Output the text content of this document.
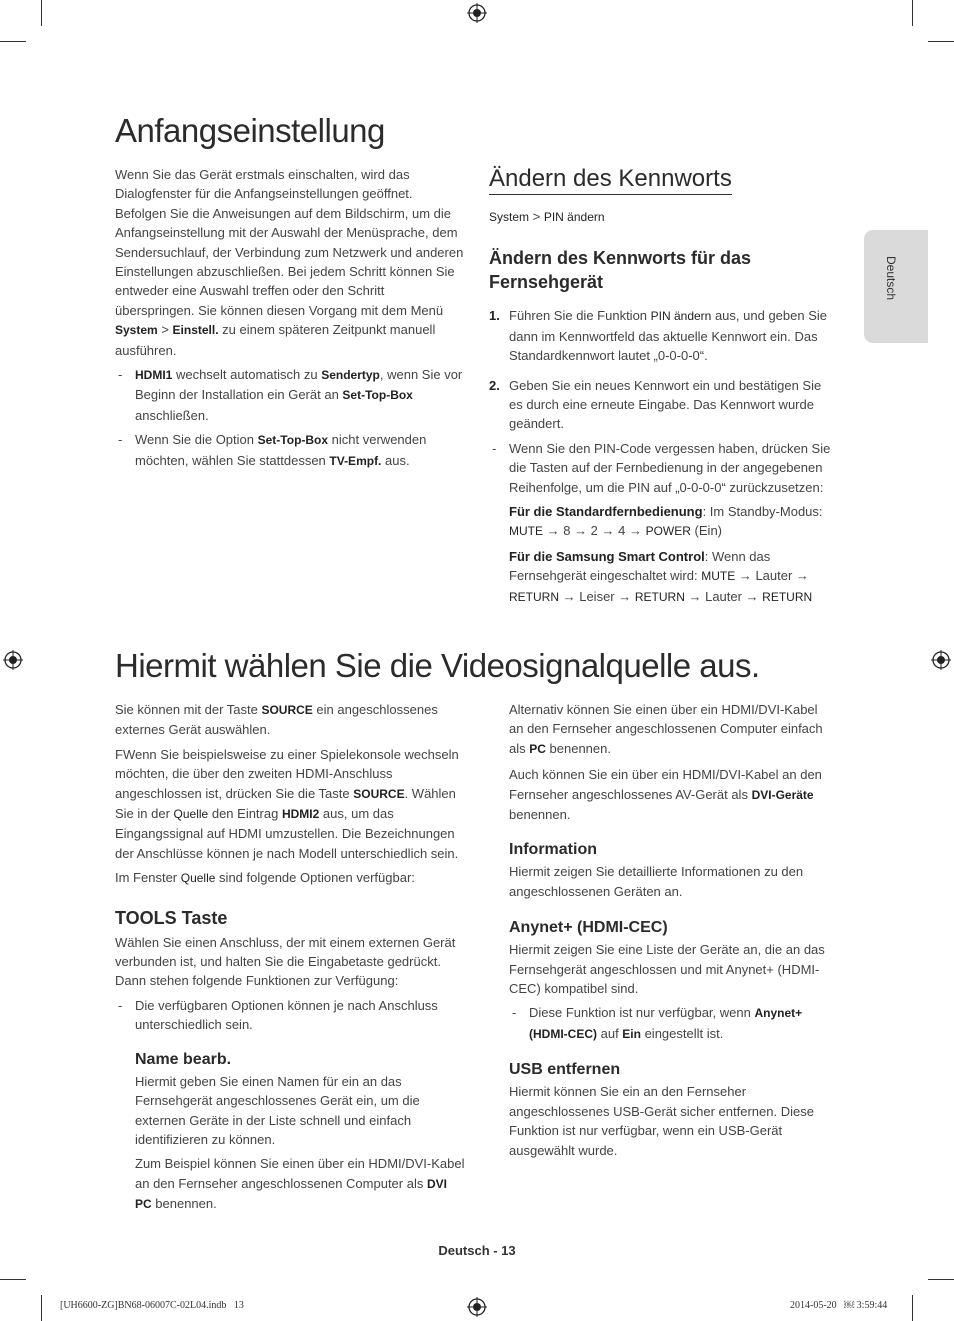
Deutsch
Anfangseinstellung

Wenn Sie das Gerät erstmals einschalten, wird das Dialogfenster für die Anfangseinstellungen geöffnet. Befolgen Sie die Anweisungen auf dem Bildschirm, um die Anfangseinstellung mit der Auswahl der Menüsprache, dem Sendersuchlauf, der Verbindung zum Netzwerk und anderen Einstellungen abzuschließen. Bei jedem Schritt können Sie entweder eine Auswahl treffen oder den Schritt überspringen. Sie können diesen Vorgang mit dem Menü System > Einstell. zu einem späteren Zeitpunkt manuell ausführen.

- HDMI1 wechselt automatisch zu Sendertyp, wenn Sie vor Beginn der Installation ein Gerät an Set-Top-Box anschließen.

- Wenn Sie die Option Set-Top-Box nicht verwenden möchten, wählen Sie stattdessen TV-Empf. aus.

Ändern des Kennworts

System > PIN ändern

Ändern des Kennworts für das Fernsehgerät

1. Führen Sie die Funktion PIN ändern aus, und geben Sie dann im Kennwortfeld das aktuelle Kennwort ein. Das Standardkennwort lautet „0-0-0-0“.

2. Geben Sie ein neues Kennwort ein und bestätigen Sie es durch eine erneute Eingabe. Das Kennwort wurde geändert.

- Wenn Sie den PIN-Code vergessen haben, drücken Sie die Tasten auf der Fernbedienung in der angegebenen Reihenfolge, um die PIN auf „0-0-0-0“ zurückzusetzen:

Für die Standardfernbedienung: Im Standby-Modus: MUTE → 8 → 2 → 4 → POWER (Ein)

Für die Samsung Smart Control: Wenn das Fernsehgerät eingeschaltet wird: MUTE → Lauter → RETURN → Leiser → RETURN → Lauter → RETURN

Hiermit wählen Sie die Videosignalquelle aus.

Sie können mit der Taste SOURCE ein angeschlossenes externes Gerät auswählen.

FWenn Sie beispielsweise zu einer Spielekonsole wechseln möchten, die über den zweiten HDMI-Anschluss angeschlossen ist, drücken Sie die Taste SOURCE. Wählen Sie in der Quelle den Eintrag HDMI2 aus, um das Eingangssignal auf HDMI umzustellen. Die Bezeichnungen der Anschlüsse können je nach Modell unterschiedlich sein.

Im Fenster Quelle sind folgende Optionen verfügbar:

TOOLS Taste

Wählen Sie einen Anschluss, der mit einem externen Gerät verbunden ist, und halten Sie die Eingabetaste gedrückt. Dann stehen folgende Funktionen zur Verfügung:

- Die verfügbaren Optionen können je nach Anschluss unterschiedlich sein.

Name bearb.

Hiermit geben Sie einen Namen für ein an das Fernsehgerät angeschlossenes Gerät ein, um die externen Geräte in der Liste schnell und einfach identifizieren zu können.

Zum Beispiel können Sie einen über ein HDMI/DVI-Kabel an den Fernseher angeschlossenen Computer als DVI PC benennen.

Alternativ können Sie einen über ein HDMI/DVI-Kabel an den Fernseher angeschlossenen Computer einfach als PC benennen.

Auch können Sie ein über ein HDMI/DVI-Kabel an den Fernseher angeschlossenes AV-Gerät als DVI-Geräte benennen.

Information

Hiermit zeigen Sie detaillierte Informationen zu den angeschlossenen Geräten an.

Anynet+ (HDMI-CEC)

Hiermit zeigen Sie eine Liste der Geräte an, die an das Fernsehgerät angeschlossen und mit Anynet+ (HDMI-CEC) kompatibel sind.

- Diese Funktion ist nur verfügbar, wenn Anynet+ (HDMI-CEC) auf Ein eingestellt ist.

USB entfernen

Hiermit können Sie ein an den Fernseher angeschlossenes USB-Gerät sicher entfernen. Diese Funktion ist nur verfügbar, wenn ein USB-Gerät ausgewählt wurde.

Deutsch - 13
[UH6600-ZG]BN68-06007C-02L04.indb   13	2014-05-20   ￼ 3:59:44
